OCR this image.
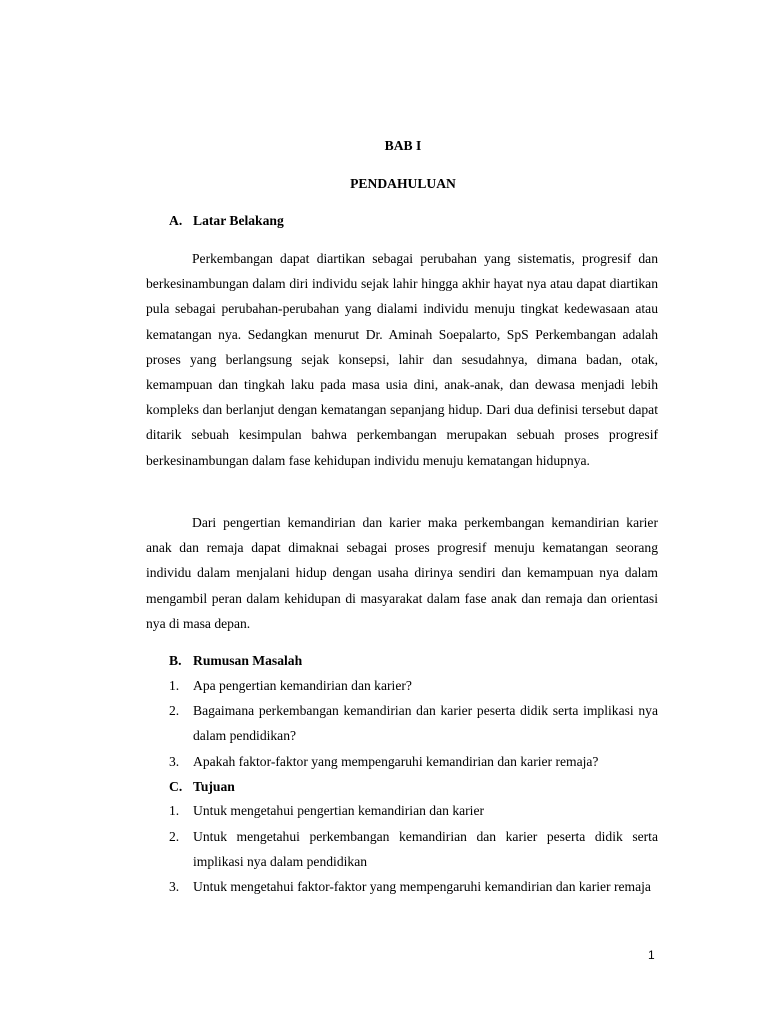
BAB I
PENDAHULUAN
A. Latar Belakang

Perkembangan dapat diartikan sebagai perubahan yang sistematis, progresif dan berkesinambungan dalam diri individu sejak lahir hingga akhir hayat nya atau dapat diartikan pula sebagai perubahan-perubahan yang dialami individu menuju tingkat kedewasaan atau kematangan nya. Sedangkan menurut Dr. Aminah Soepalarto, SpS Perkembangan adalah proses yang berlangsung sejak konsepsi, lahir dan sesudahnya, dimana badan, otak, kemampuan dan tingkah laku pada masa usia dini, anak-anak, dan dewasa menjadi lebih kompleks dan berlanjut dengan kematangan sepanjang hidup. Dari dua definisi tersebut dapat ditarik sebuah kesimpulan bahwa perkembangan merupakan sebuah proses progresif berkesinambungan dalam fase kehidupan individu menuju kematangan hidupnya.

Dari pengertian kemandirian dan karier maka perkembangan kemandirian karier anak dan remaja dapat dimaknai sebagai proses progresif menuju kematangan seorang individu dalam menjalani hidup dengan usaha dirinya sendiri dan kemampuan nya dalam mengambil peran dalam kehidupan di masyarakat dalam fase anak dan remaja dan orientasi nya di masa depan.

B. Rumusan Masalah
1. Apa pengertian kemandirian dan karier?
2. Bagaimana perkembangan kemandirian dan karier peserta didik serta implikasi nya dalam pendidikan?
3. Apakah faktor-faktor yang mempengaruhi kemandirian dan karier remaja?
C. Tujuan
1. Untuk mengetahui pengertian kemandirian dan karier
2. Untuk mengetahui perkembangan kemandirian dan karier peserta didik serta implikasi nya dalam pendidikan
3. Untuk mengetahui faktor-faktor yang mempengaruhi kemandirian dan karier remaja
1
